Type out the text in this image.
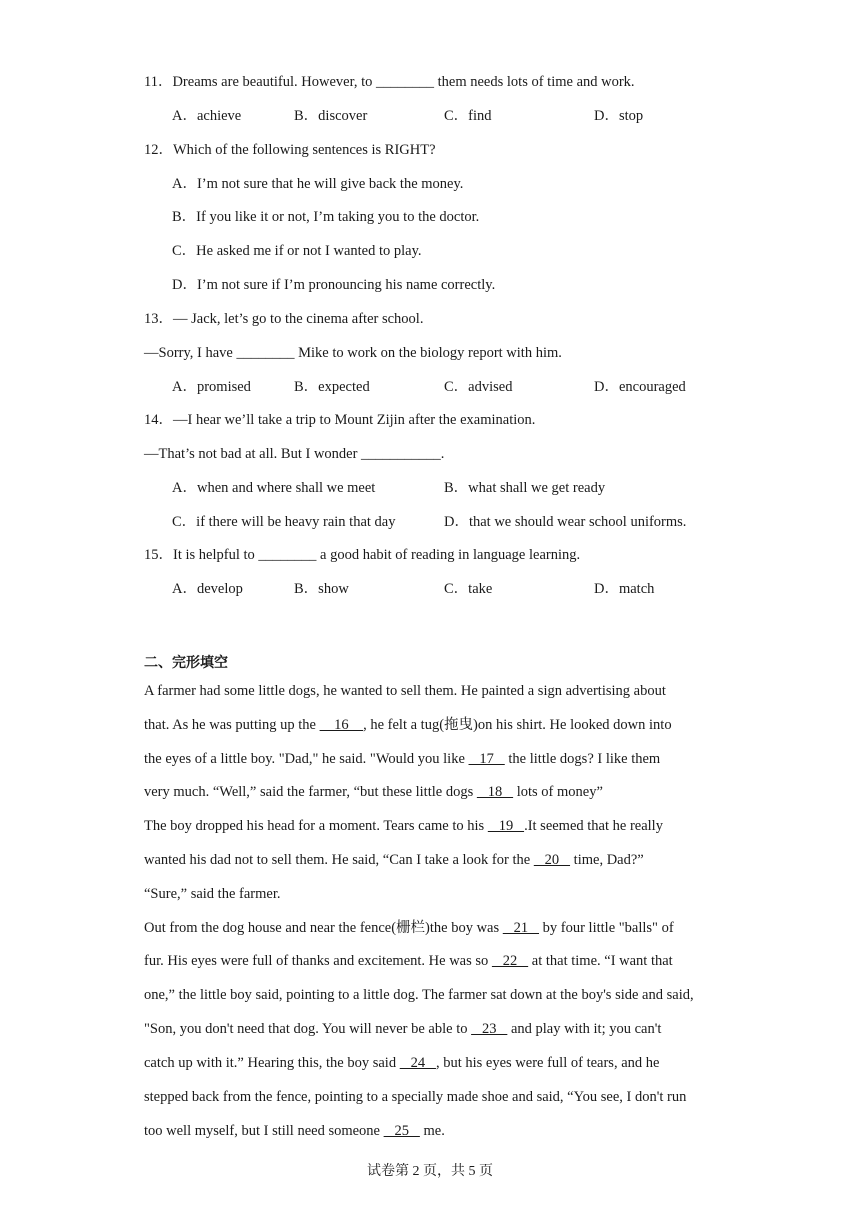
11．Dreams are beautiful. However, to ________ them needs lots of time and work.
A．achieve	B．discover	C．find	D．stop
12．Which of the following sentences is RIGHT?
A．I’m not sure that he will give back the money.
B．If you like it or not, I’m taking you to the doctor.
C．He asked me if or not I wanted to play.
D．I’m not sure if I’m pronouncing his name correctly.
13．— Jack, let’s go to the cinema after school.
—Sorry, I have ________ Mike to work on the biology report with him.
A．promised	B．expected	C．advised	D．encouraged
14．—I hear we’ll take a trip to Mount Zijin after the examination.
—That’s not bad at all. But I wonder ___________.
A．when and where shall we meet	B．what shall we get ready
C．if there will be heavy rain that day	D．that we should wear school uniforms.
15．It is helpful to ________ a good habit of reading in language learning.
A．develop	B．show	C．take	D．match
二、完形填空
A farmer had some little dogs, he wanted to sell them. He painted a sign advertising about
that. As he was putting up the     16    , he felt a tug(拖曳)on his shirt. He looked down into
the eyes of a little boy. "Dad," he said. "Would you like    17    the little dogs? I like them
very much. “Well,” said the farmer, “but these little dogs    18    lots of money”
The boy dropped his head for a moment. Tears came to his    19   .It seemed that he really
wanted his dad not to sell them. He said, “Can I take a look for the    20    time, Dad?”
“Sure,” said the farmer.
Out from the dog house and near the fence(栅栏)the boy was    21    by four little "balls" of
fur. His eyes were full of thanks and excitement. He was so    22    at that time. “I want that
one,” the little boy said, pointing to a little dog. The farmer sat down at the boy's side and said,
"Son, you don't need that dog. You will never be able to    23    and play with it; you can't
catch up with it.” Hearing this, the boy said    24   , but his eyes were full of tears, and he
stepped back from the fence, pointing to a specially made shoe and said, “You see, I don't run
too well myself, but I still need someone    25    me.
试卷第 2 页，共 5 页
